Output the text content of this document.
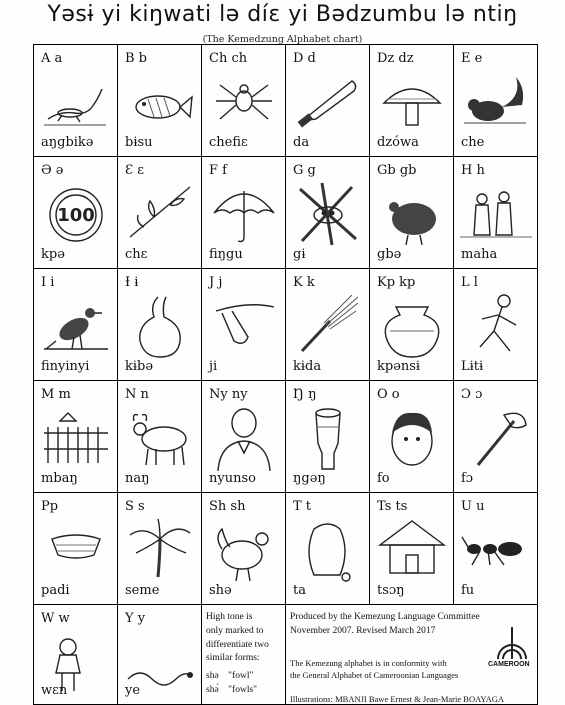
Yəsɨ yi kiŋwati lə díɛ yi Bədzumbu lə ntiŋ
(The Kemedzung Alphabet chart)
High tone is
only marked to
differentiate two
similar forms:
shə    "fowl"
shə́    "fowls"
Produced by the Kemezung Language Committee
November 2007. Revised March 2017
The Kemezung alphabet is in conformity with
the General Alphabet of Cameroonian Languages
Illustrations: MBANJI Bawe Ernest & Jean-Marie BOAYAGA
CAMEROON
A a
aŋgbikə
B b
bɨsu
Ch ch
chefiɛ
D d
da
Dz dz
dzówa
E e
che
Ə ə
100
kpə
Ɛ ɛ
chɛ
F f
fiŋgu
G g
gɨ
Gb gb
gbə
H h
maha
I i
finyinyi
Ɨ ɨ
kɨbə
J j
ji
K k
kɨda
Kp kp
kpənsɨ
L l
Lɨtɨ
M m
mbaŋ
N n
naŋ
Ny ny
nyunso
Ŋ ŋ
ŋgəŋ
O o
fo
Ɔ ɔ
fɔ
Pp
padi
S s
seme
Sh sh
shə
T t
ta
Ts ts
tsɔŋ
U u
fu
W w
wɛn
Y y
ye
